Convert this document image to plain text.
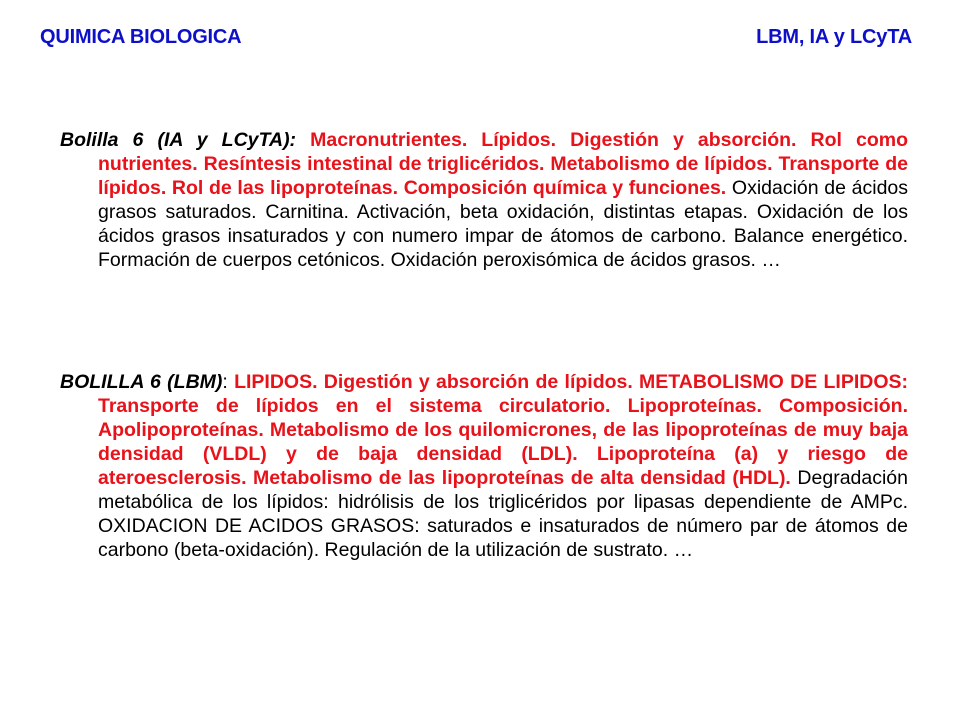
QUIMICA BIOLOGICA	LBM, IA y LCyTA
Bolilla 6 (IA y LCyTA): Macronutrientes. Lípidos. Digestión y absorción. Rol como nutrientes. Resíntesis intestinal de triglicéridos. Metabolismo de lípidos. Transporte de lípidos. Rol de las lipoproteínas. Composición química y funciones. Oxidación de ácidos grasos saturados. Carnitina. Activación, beta oxidación, distintas etapas. Oxidación de los ácidos grasos insaturados y con numero impar de átomos de carbono. Balance energético. Formación de cuerpos cetónicos. Oxidación peroxisómica de ácidos grasos. …
BOLILLA 6 (LBM): LIPIDOS. Digestión y absorción de lípidos. METABOLISMO DE LIPIDOS: Transporte de lípidos en el sistema circulatorio. Lipoproteínas. Composición. Apolipoproteínas. Metabolismo de los quilomicrones, de las lipoproteínas de muy baja densidad (VLDL) y de baja densidad (LDL). Lipoproteína (a) y riesgo de ateroesclerosis. Metabolismo de las lipoproteínas de alta densidad (HDL). Degradación metabólica de los lípidos: hidrólisis de los triglicéridos por lipasas dependiente de AMPc. OXIDACION DE ACIDOS GRASOS: saturados e insaturados de número par de átomos de carbono (beta-oxidación). Regulación de la utilización de sustrato. …
